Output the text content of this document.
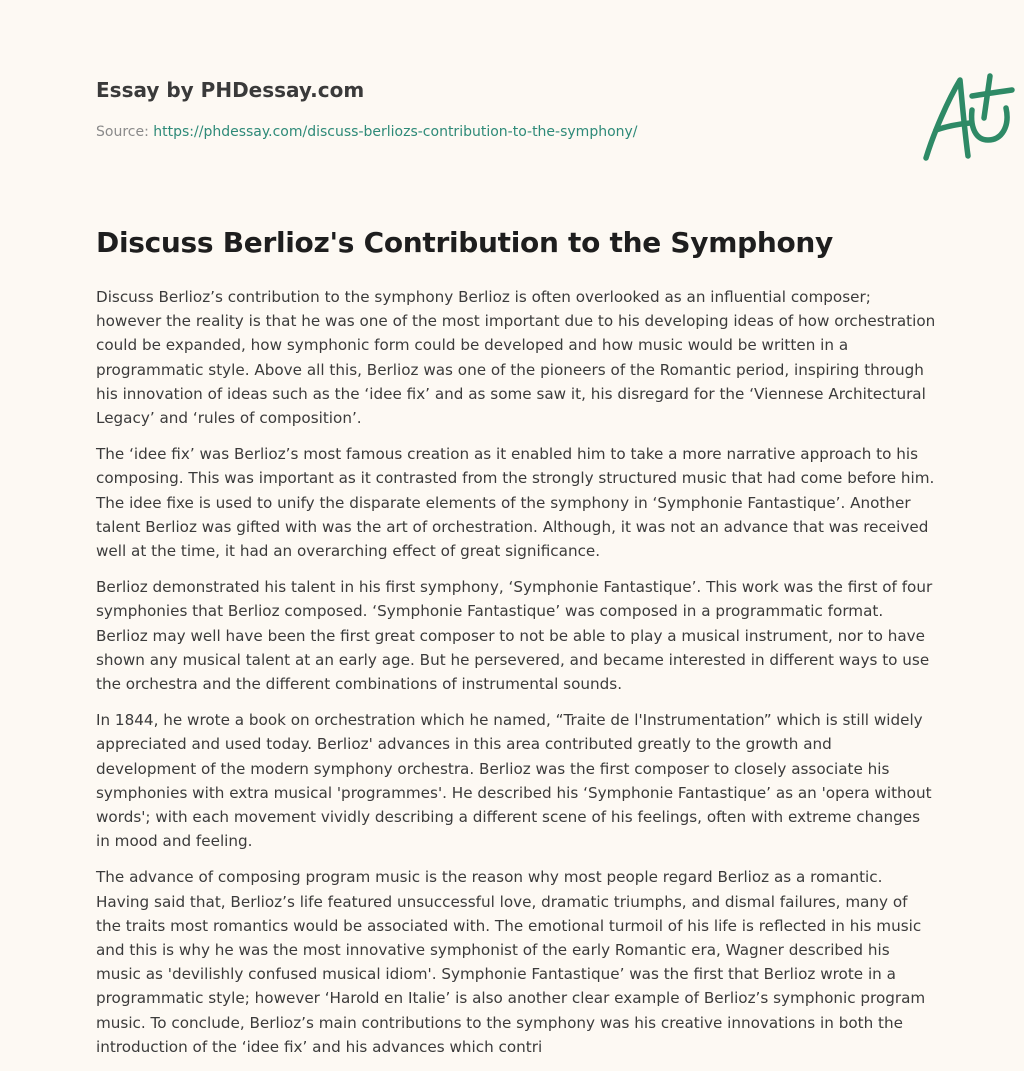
Essay by PHDessay.com
Source: https://phdessay.com/discuss-berliozs-contribution-to-the-symphony/
Discuss Berlioz's Contribution to the Symphony

Discuss Berlioz’s contribution to the symphony Berlioz is often overlooked as an influential composer; however the reality is that he was one of the most important due to his developing ideas of how orchestration could be expanded, how symphonic form could be developed and how music would be written in a programmatic style. Above all this, Berlioz was one of the pioneers of the Romantic period, inspiring through his innovation of ideas such as the ‘idee fix’ and as some saw it, his disregard for the ‘Viennese Architectural Legacy’ and ‘rules of composition’.

The ‘idee fix’ was Berlioz’s most famous creation as it enabled him to take a more narrative approach to his composing. This was important as it contrasted from the strongly structured music that had come before him. The idee fixe is used to unify the disparate elements of the symphony in ‘Symphonie Fantastique’. Another talent Berlioz was gifted with was the art of orchestration. Although, it was not an advance that was received well at the time, it had an overarching effect of great significance.

Berlioz demonstrated his talent in his first symphony, ‘Symphonie Fantastique’. This work was the first of four symphonies that Berlioz composed. ‘Symphonie Fantastique’ was composed in a programmatic format. Berlioz may well have been the first great composer to not be able to play a musical instrument, nor to have shown any musical talent at an early age. But he persevered, and became interested in different ways to use the orchestra and the different combinations of instrumental sounds.

In 1844, he wrote a book on orchestration which he named, “Traite de l'Instrumentation” which is still widely appreciated and used today. Berlioz' advances in this area contributed greatly to the growth and development of the modern symphony orchestra. Berlioz was the first composer to closely associate his symphonies with extra musical 'programmes'. He described his ‘Symphonie Fantastique’ as an 'opera without words'; with each movement vividly describing a different scene of his feelings, often with extreme changes in mood and feeling.

The advance of composing program music is the reason why most people regard Berlioz as a romantic. Having said that, Berlioz’s life featured unsuccessful love, dramatic triumphs, and dismal failures, many of the traits most romantics would be associated with. The emotional turmoil of his life is reflected in his music and this is why he was the most innovative symphonist of the early Romantic era, Wagner described his music as 'devilishly confused musical idiom'. Symphonie Fantastique’ was the first that Berlioz wrote in a programmatic style; however ‘Harold en Italie’ is also another clear example of Berlioz’s symphonic program music. To conclude, Berlioz’s main contributions to the symphony was his creative innovations in both the introduction of the ‘idee fix’ and his advances which contri
